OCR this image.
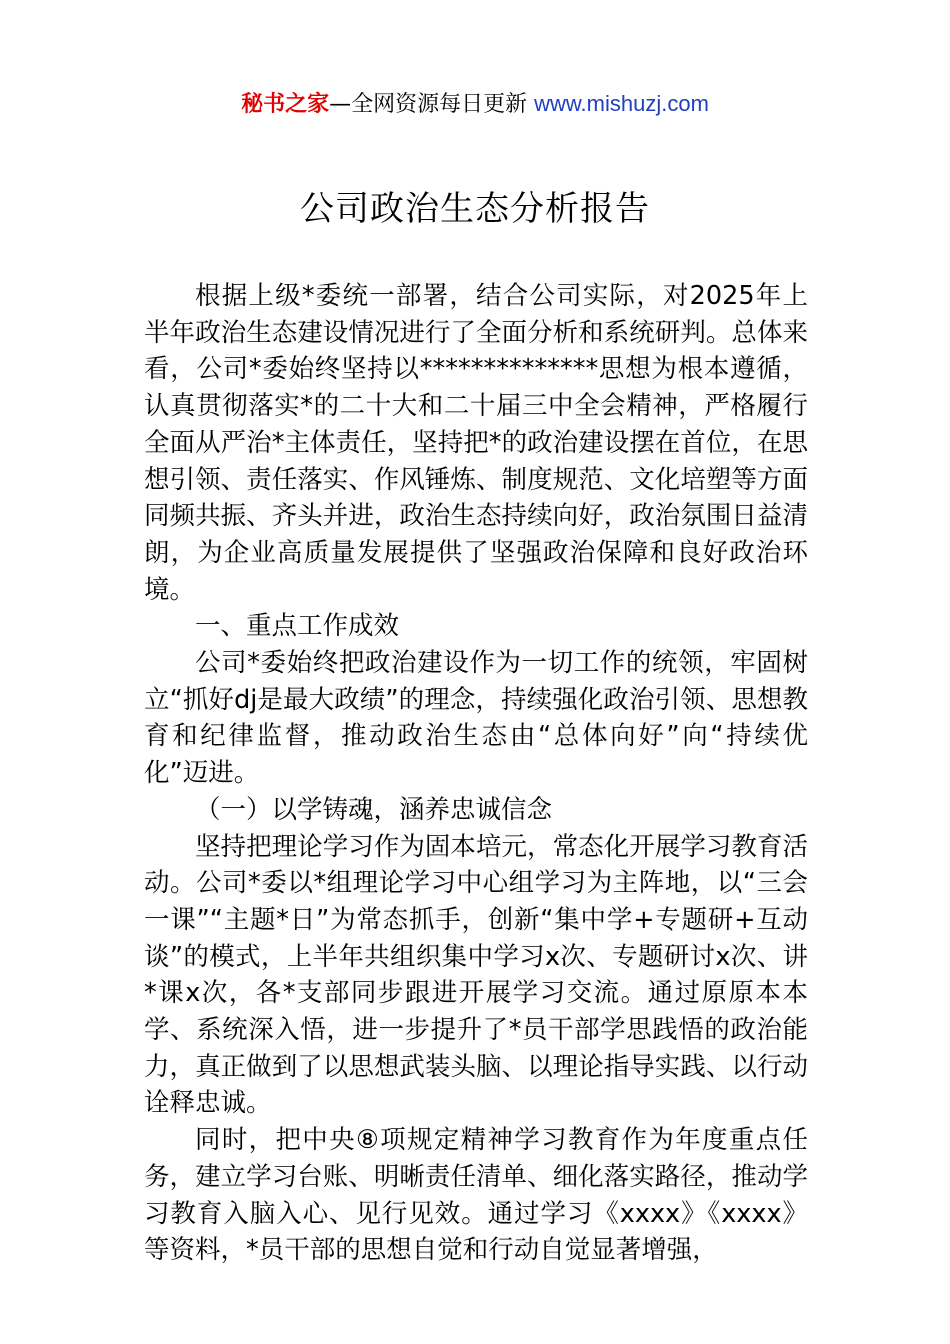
秘书之家—全网资源每日更新 www.mishuzj.com
公司政治生态分析报告

根据上级*委统一部署，结合公司实际，对2025年上半年政治生态建设情况进行了全面分析和系统研判。总体来看，公司*委始终坚持以**************思想为根本遵循，认真贯彻落实*的二十大和二十届三中全会精神，严格履行全面从严治*主体责任，坚持把*的政治建设摆在首位，在思想引领、责任落实、作风锤炼、制度规范、文化培塑等方面同频共振、齐头并进，政治生态持续向好，政治氛围日益清朗，为企业高质量发展提供了坚强政治保障和良好政治环境。

一、重点工作成效

公司*委始终把政治建设作为一切工作的统领，牢固树立“抓好dj是最大政绩”的理念，持续强化政治引领、思想教育和纪律监督，推动政治生态由“总体向好”向“持续优化”迈进。

（一）以学铸魂，涵养忠诚信念

坚持把理论学习作为固本培元，常态化开展学习教育活动。公司*委以*组理论学习中心组学习为主阵地，以“三会一课”“主题*日”为常态抓手，创新“集中学+专题研+互动谈”的模式，上半年共组织集中学习x次、专题研讨x次、讲*课x次，各*支部同步跟进开展学习交流。通过原原本本学、系统深入悟，进一步提升了*员干部学思践悟的政治能力，真正做到了以思想武装头脑、以理论指导实践、以行动诠释忠诚。

同时，把中央⑧项规定精神学习教育作为年度重点任务，建立学习台账、明晰责任清单、细化落实路径，推动学习教育入脑入心、见行见效。通过学习《xxxx》《xxxx》等资料，*员干部的思想自觉和行动自觉显著增强，
